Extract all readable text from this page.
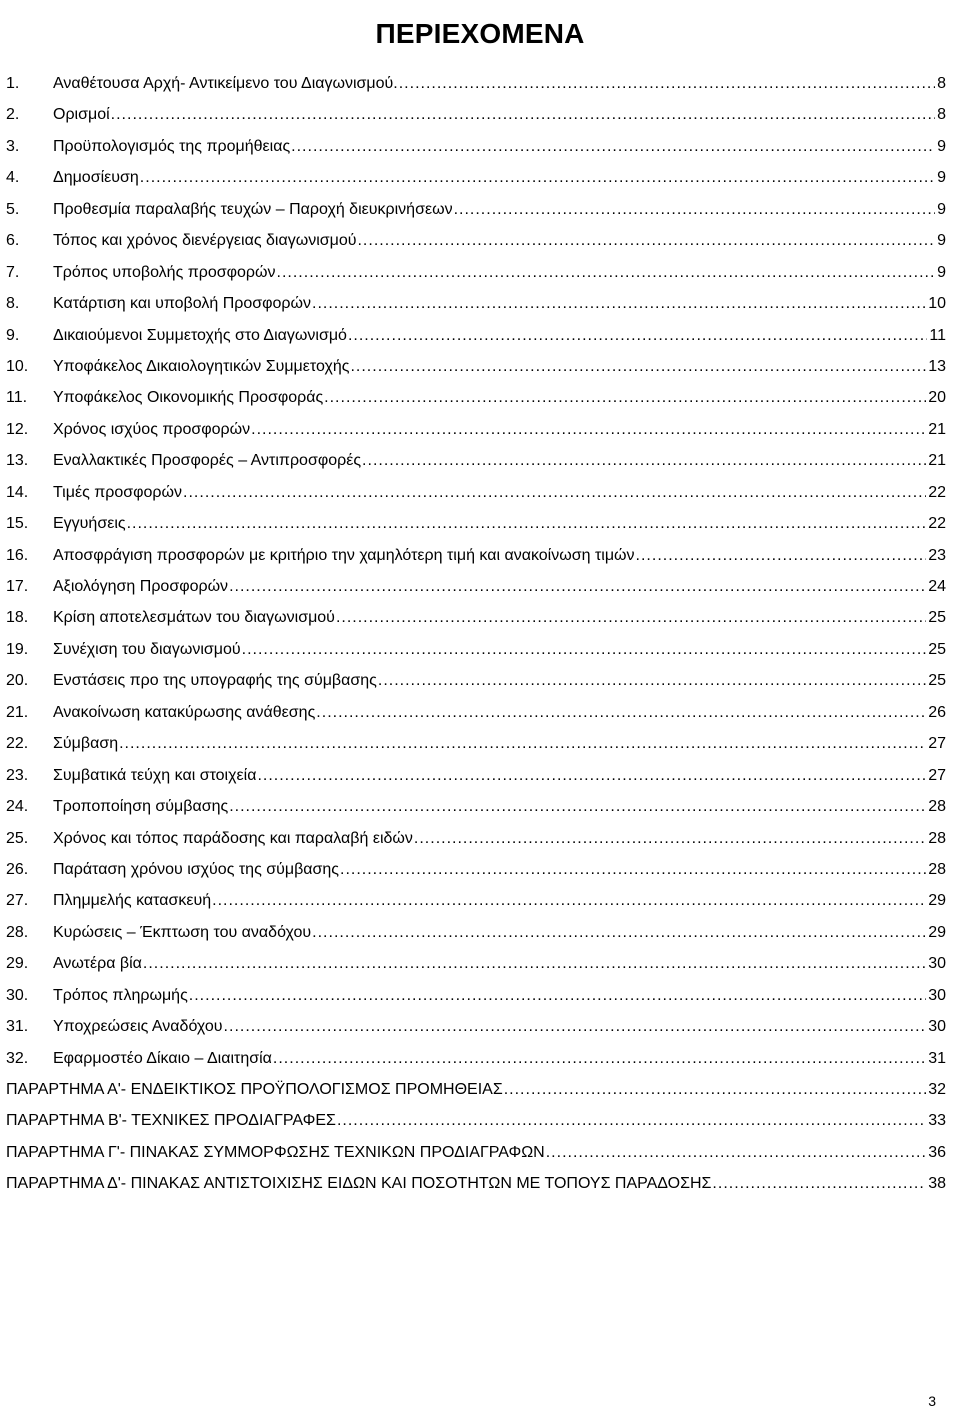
ΠΕΡΙΕΧΟΜΕΝΑ
1.	Αναθέτουσα Αρχή- Αντικείμενο του Διαγωνισμού. .....	8
2.	Ορισμοί .....	8
3.	Προϋπολογισμός της προμήθειας .....	9
4.	Δημοσίευση .....	9
5.	Προθεσμία παραλαβής τευχών – Παροχή διευκρινήσεων .....	9
6.	Τόπος και χρόνος διενέργειας διαγωνισμού .....	9
7.	Τρόπος υποβολής προσφορών .....	9
8.	Κατάρτιση και υποβολή Προσφορών .....	10
9.	Δικαιούμενοι Συμμετοχής στο Διαγωνισμό .....	11
10.	Υποφάκελος Δικαιολογητικών Συμμετοχής .....	13
11.	Υποφάκελος Οικονομικής Προσφοράς .....	20
12.	Χρόνος ισχύος προσφορών .....	21
13.	Εναλλακτικές Προσφορές – Αντιπροσφορές .....	21
14.	Τιμές προσφορών .....	22
15.	Εγγυήσεις .....	22
16.	Αποσφράγιση προσφορών με κριτήριο την χαμηλότερη τιμή και ανακοίνωση τιμών .....	23
17.	Αξιολόγηση Προσφορών .....	24
18.	Κρίση αποτελεσμάτων του διαγωνισμού .....	25
19.	Συνέχιση του διαγωνισμού .....	25
20.	Ενστάσεις προ της υπογραφής της σύμβασης .....	25
21.	Ανακοίνωση κατακύρωσης ανάθεσης .....	26
22.	Σύμβαση .....	27
23.	Συμβατικά τεύχη και στοιχεία .....	27
24.	Τροποποίηση σύμβασης .....	28
25.	Χρόνος και τόπος παράδοσης και παραλαβή ειδών .....	28
26.	Παράταση χρόνου ισχύος της σύμβασης .....	28
27.	Πλημμελής κατασκευή .....	29
28.	Κυρώσεις – Έκπτωση του αναδόχου .....	29
29.	Ανωτέρα βία .....	30
30.	Τρόπος πληρωμής .....	30
31.	Υποχρεώσεις Αναδόχου .....	30
32.	Εφαρμοστέο Δίκαιο – Διαιτησία .....	31
ΠΑΡΑΡΤΗΜΑ Α'- ΕΝΔΕΙΚΤΙΚΟΣ ΠΡΟΫΠΟΛΟΓΙΣΜΟΣ ΠΡΟΜΗΘΕΙΑΣ .....	32
ΠΑΡΑΡΤΗΜΑ Β'- ΤΕΧΝΙΚΕΣ ΠΡΟΔΙΑΓΡΑΦΕΣ .....	33
ΠΑΡΑΡΤΗΜΑ Γ'- ΠΙΝΑΚΑΣ ΣΥΜΜΟΡΦΩΣΗΣ ΤΕΧΝΙΚΩΝ ΠΡΟΔΙΑΓΡΑΦΩΝ .....	36
ΠΑΡΑΡΤΗΜΑ Δ'- ΠΙΝΑΚΑΣ ΑΝΤΙΣΤΟΙΧΙΣΗΣ ΕΙΔΩΝ ΚΑΙ ΠΟΣΟΤΗΤΩΝ ΜΕ ΤΟΠΟΥΣ ΠΑΡΑΔΟΣΗΣ .....	38
3
